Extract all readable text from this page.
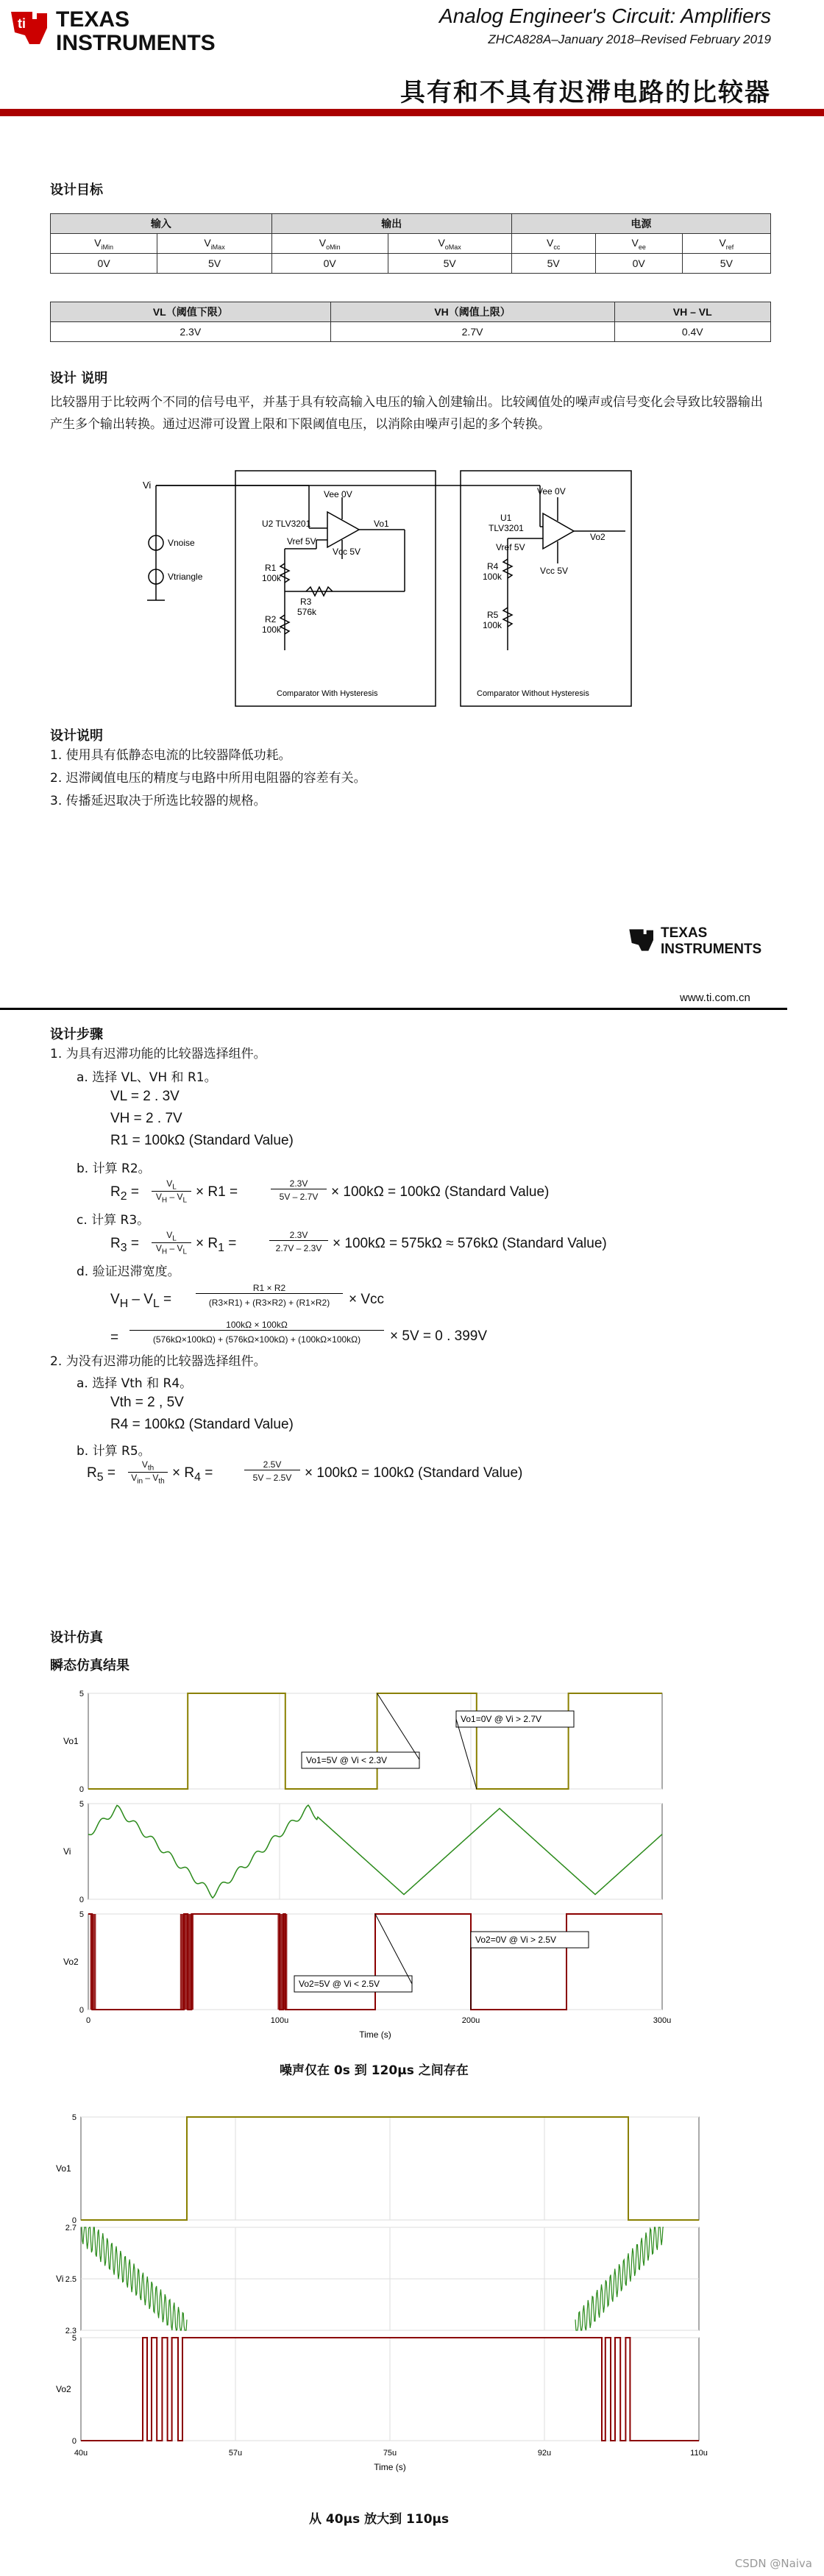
ti TEXAS
INSTRUMENTS
Analog Engineer's Circuit: Amplifiers
ZHCA828A–January 2018–Revised February 2019
具有和不具有迟滞电路的比较器
设计目标
输入		输出		电源		
$V_{iMin}$	$V_{iMax}$	$V_{oMin}$	$V_{oMax}$	$V_{cc}$	$V_{ee}$	$V_{ref}$
0V	5V	0V	5V	5V	0V	5V
VL（阈值下限）	VH（阈值上限）	VH – VL
2.3V	2.7V	0.4V
设计 说明
比较器用于比较两个不同的信号电平，并基于具有较高输入电压的输入创建输出。比较阈值处的噪声或信号变化会导致比较器输出产生多个输出转换。通过迟滞可设置上限和下限阈值电压，以消除由噪声引起的多个转换。
Vi
Vnoise
Vtriangle
Vee 0V
U2 TLV3201
Vref 5V
Vcc 5V
Vo1
R1
100k
R3
576k
R2
100k
Comparator With Hysteresis
Vee 0V
U1
TLV3201
Vref 5V
Vcc 5V
Vo2
R4
100k
R5
100k
Comparator Without Hysteresis
设计说明
1. 使用具有低静态电流的比较器降低功耗。
2. 迟滞阈值电压的精度与电路中所用电阻器的容差有关。
3. 传播延迟取决于所选比较器的规格。
TEXAS
INSTRUMENTS
www.ti.com.cn
设计步骤
1. 为具有迟滞功能的比较器选择组件。
a. 选择 VL、VH 和 R1。
VL = 2 . 3V
VH = 2 . 7V
R1 = 100kΩ (Standard Value)
b. 计算 R2。
$R_2$ =
$V_L$
$V_H - V_L$
× R1 =
2.3V
5V – 2.7V × 100kΩ = 100kΩ (Standard Value)
c. 计算 R3。
$R_3$ =
$V_L$
$V_H - V_L$
× $R_1$ =
2.3V
2.7V – 2.3V × 100kΩ = 575kΩ ≈ 576kΩ (Standard Value)
d. 验证迟滞宽度。
$V_H - V_L$ =
R1 × R2
(R3×R1) + (R3×R2) + (R1×R2)	× Vcc
=
100kΩ × 100kΩ
(576kΩ×100kΩ) + (576kΩ×100kΩ) + (100kΩ×100kΩ)	× 5V = 0 . 399V
2. 为没有迟滞功能的比较器选择组件。
a. 选择 Vth 和 R4。
Vth = 2 , 5V
R4 = 100kΩ (Standard Value)
b. 计算 R5。
$R_5$ =
$V_{th}$
$V_{in} - V_{th}$
× $R_4$ =
2.5V
5V – 2.5V × 100kΩ = 100kΩ (Standard Value)
设计仿真
瞬态仿真结果
0
5
Vo1
0
5
Vi
0
5
Vo2
Vo1=0V @ Vi > 2.7V
Vo1=5V @ Vi < 2.3V
Vo2=0V @ Vi > 2.5V
Vo2=5V @ Vi < 2.5V
0	100u	200u	300u
Time (s)
噪声仅在 0s 到 120μs 之间存在
0
5
Vo1
2.3
2.5
2.7
Vi
0
5
Vo2
40u	57u	75u	92u	110u
Time (s)
从 40μs 放大到 110μs
CSDN @Naiva
